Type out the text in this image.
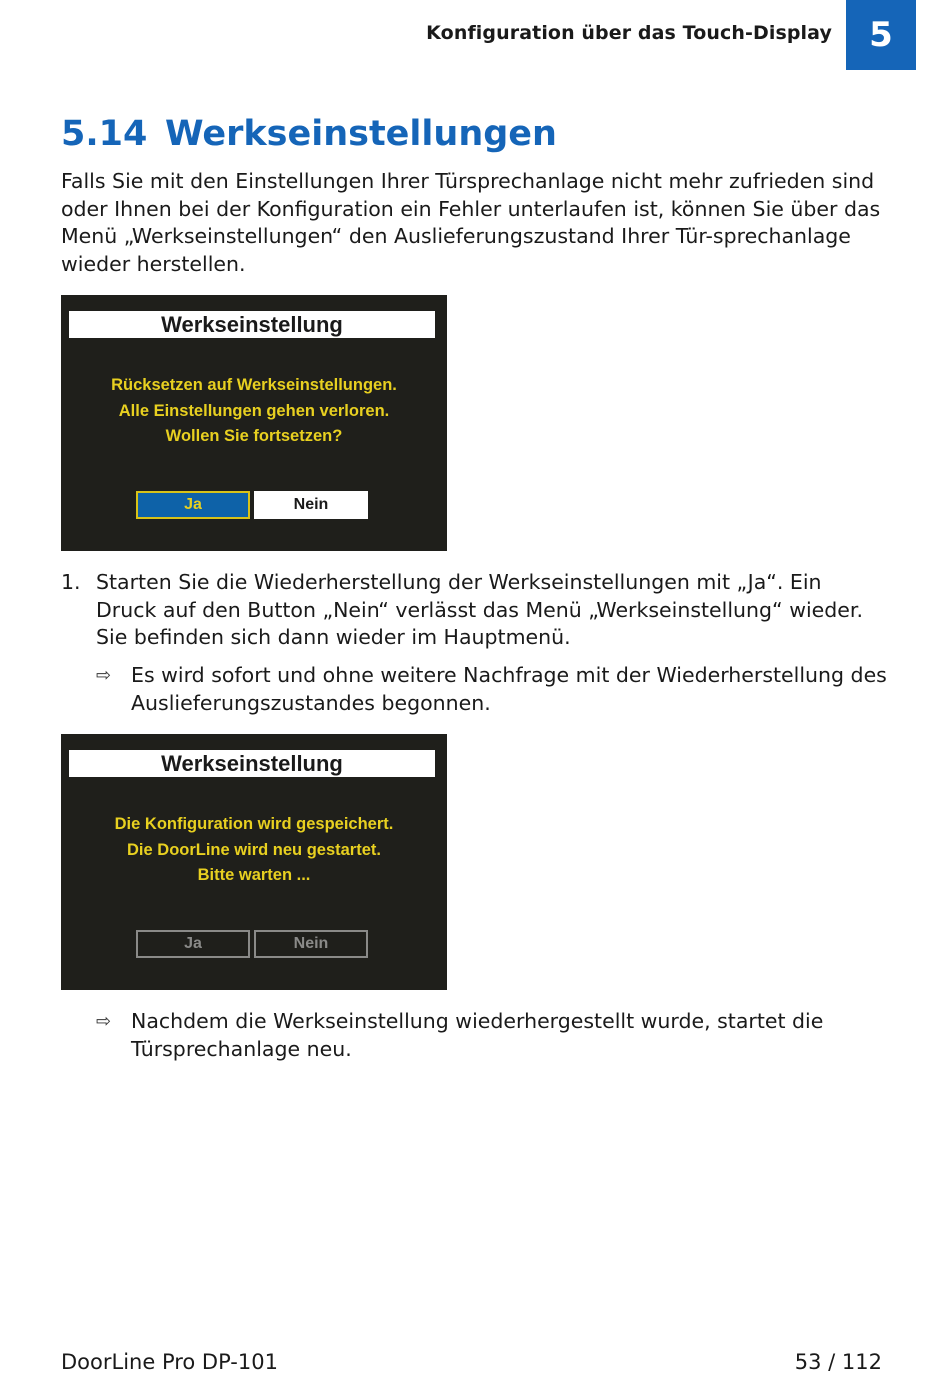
Konfiguration über das Touch-Display	5
5.14 Werkseinstellungen

Falls Sie mit den Einstellungen Ihrer Türsprechanlage nicht mehr zufrieden sind oder Ihnen bei der Konfiguration ein Fehler unterlaufen ist, können Sie über das Menü „Werkseinstellungen“ den Auslieferungszustand Ihrer Tür-sprechanlage wieder herstellen.

Werkseinstellung
Rücksetzen auf Werkseinstellungen.
Alle Einstellungen gehen verloren.
Wollen Sie fortsetzen?
Ja	Nein
1. Starten Sie die Wiederherstellung der Werkseinstellungen mit „Ja“. Ein Druck auf den Button „Nein“ verlässt das Menü „Werkseinstellung“ wieder. Sie befinden sich dann wieder im Hauptmenü.

⇨ Es wird sofort und ohne weitere Nachfrage mit der Wiederherstellung des Auslieferungszustandes begonnen.

Werkseinstellung
Die Konfiguration wird gespeichert.
Die DoorLine wird neu gestartet.
Bitte warten ...
Ja	Nein
⇨ Nachdem die Werkseinstellung wiederhergestellt wurde, startet die Türsprechanlage neu.

DoorLine Pro DP-101	53 / 112
